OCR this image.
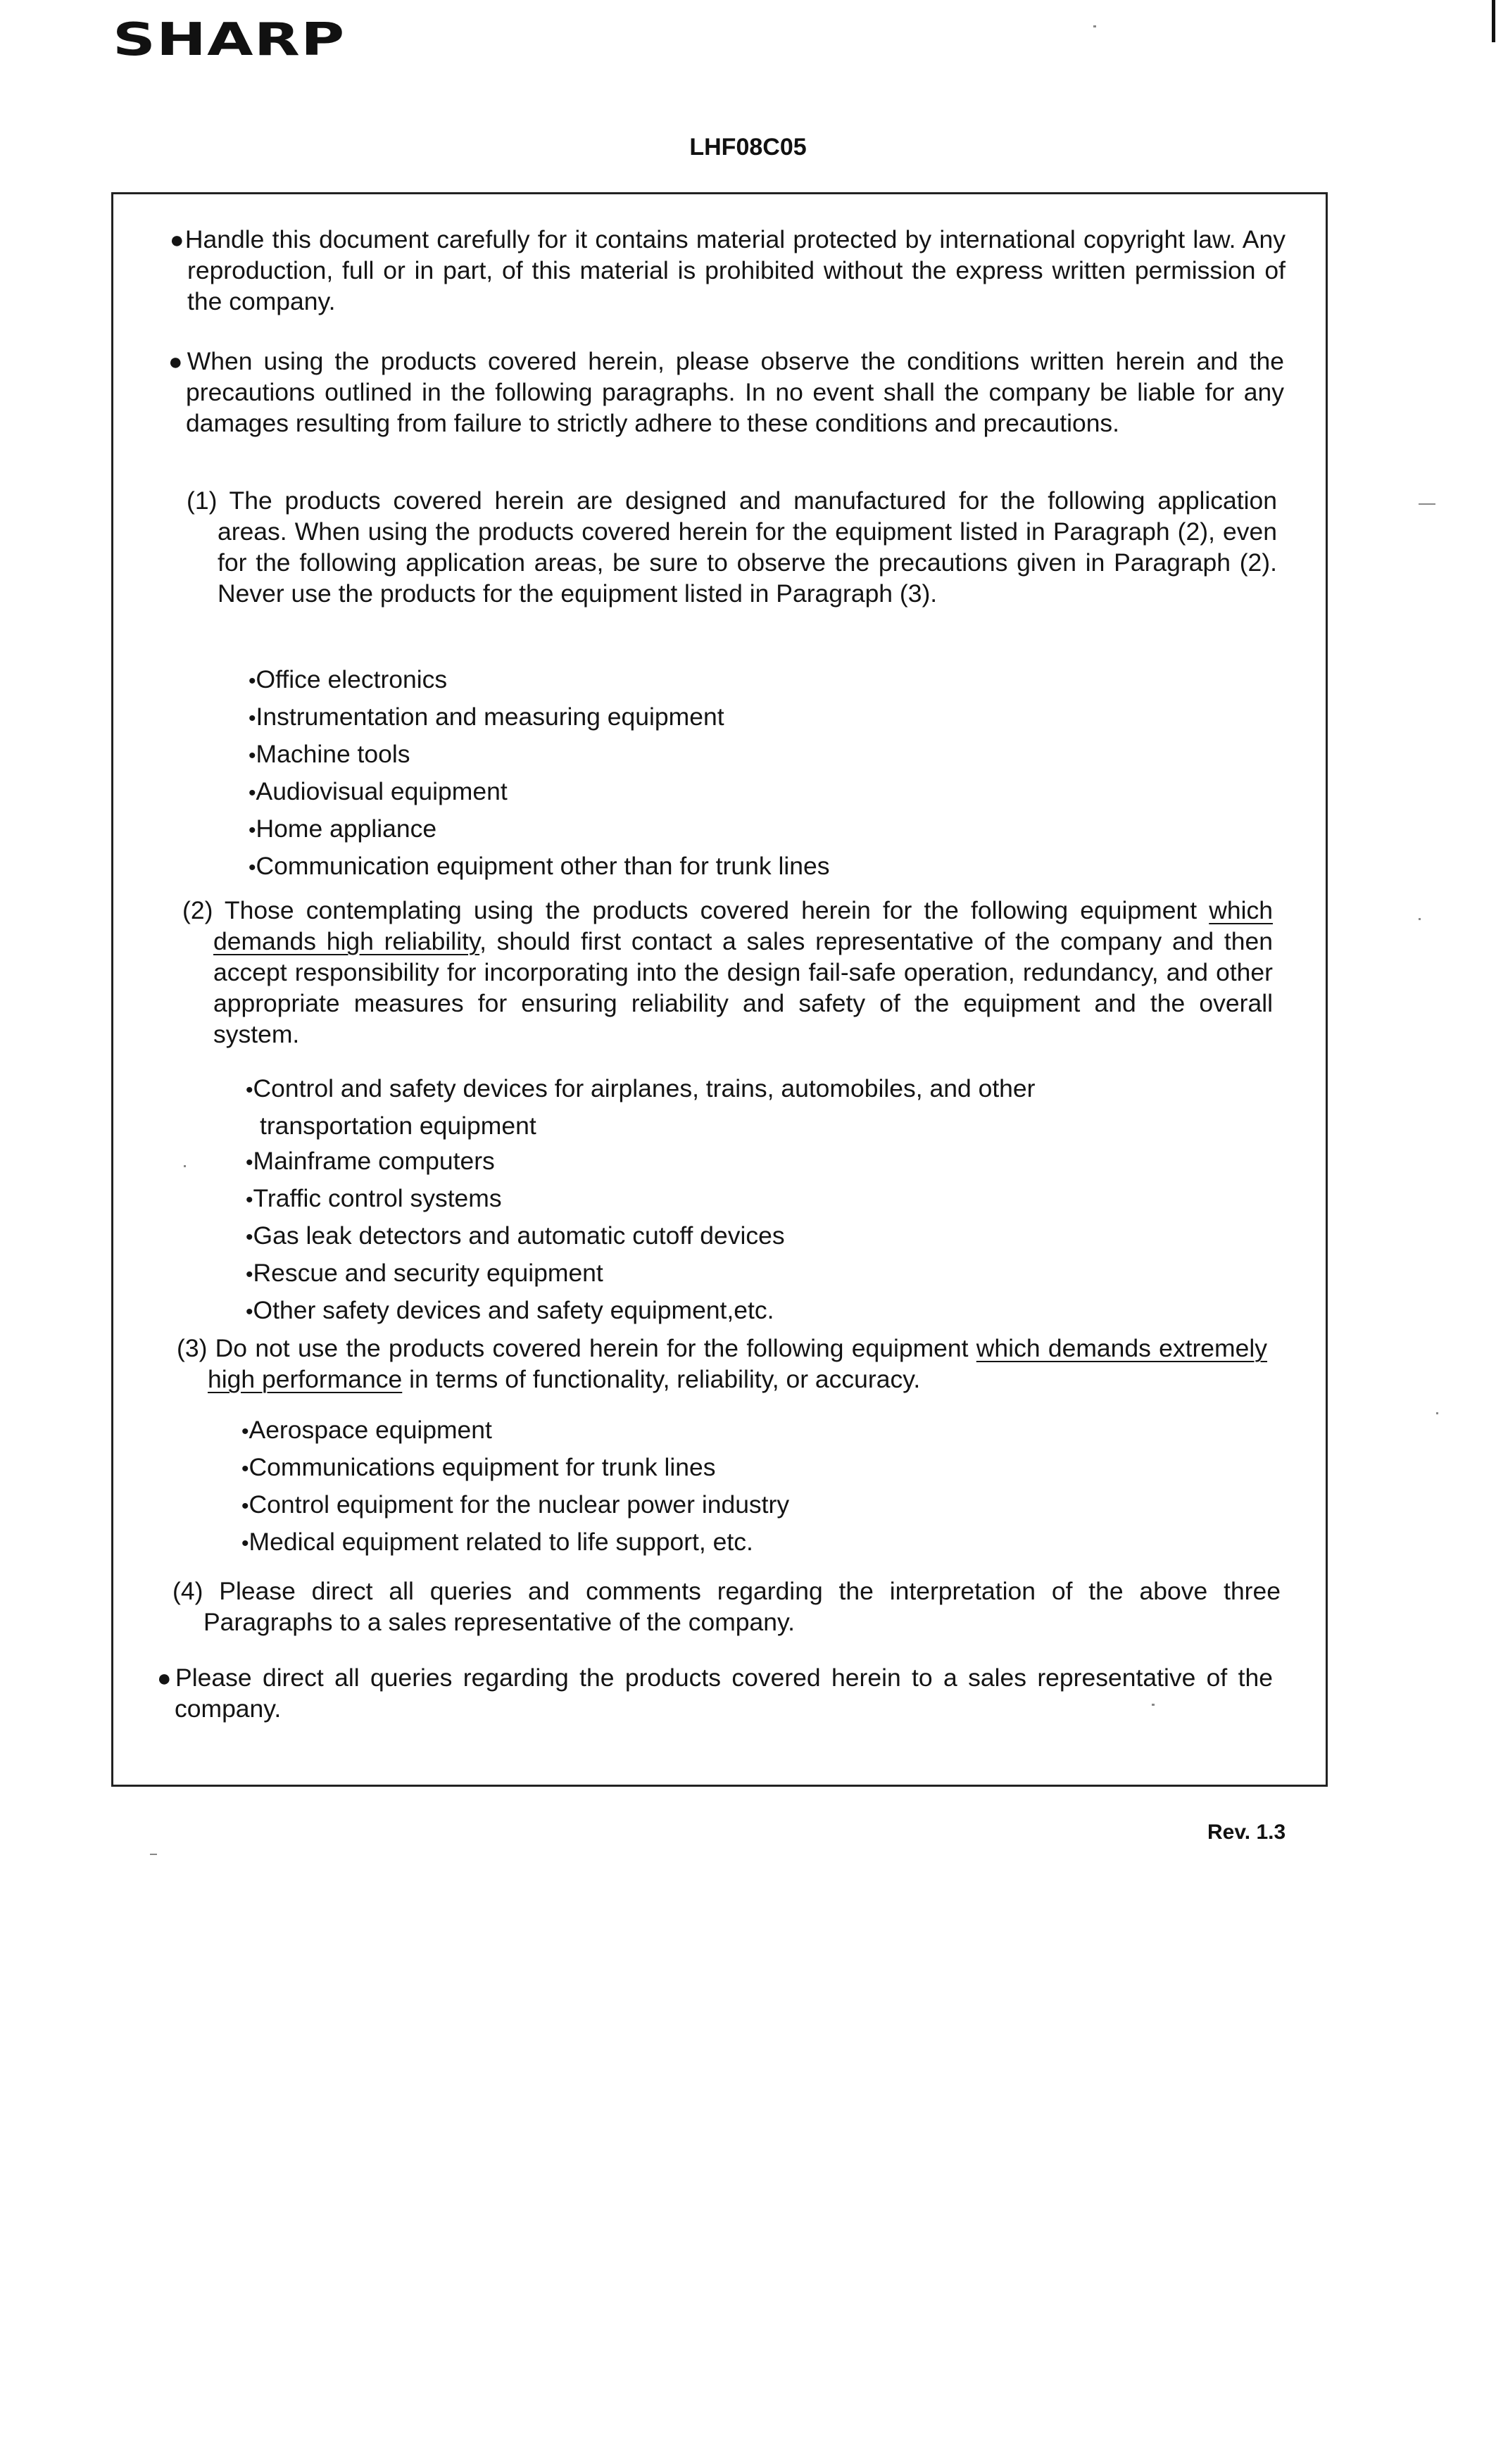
SHARP
LHF08C05

●Handle this document carefully for it contains material protected by international copyright law. Any reproduction, full or in part, of this material is prohibited without the express written permission of the company.

●When using the products covered herein, please observe the conditions written herein and the precautions outlined in the following paragraphs. In no event shall the company be liable for any damages resulting from failure to strictly adhere to these conditions and precautions.

(1) The products covered herein are designed and manufactured for the following application areas. When using the products covered herein for the equipment listed in Paragraph (2), even for the following application areas, be sure to observe the precautions given in Paragraph (2). Never use the products for the equipment listed in Paragraph (3).

• Office electronics
• Instrumentation and measuring equipment
• Machine tools
• Audiovisual equipment
• Home appliance
• Communication equipment other than for trunk lines

(2) Those contemplating using the products covered herein for the following equipment which demands high reliability, should first contact a sales representative of the company and then accept responsibility for incorporating into the design fail-safe operation, redundancy, and other appropriate measures for ensuring reliability and safety of the equipment and the overall system.

• Control and safety devices for airplanes, trains, automobiles, and other transportation equipment
• Mainframe computers
• Traffic control systems
• Gas leak detectors and automatic cutoff devices
• Rescue and security equipment
• Other safety devices and safety equipment,etc.

(3) Do not use the products covered herein for the following equipment which demands extremely high performance in terms of functionality, reliability, or accuracy.

• Aerospace equipment
• Communications equipment for trunk lines
• Control equipment for the nuclear power industry
• Medical equipment related to life support, etc.

(4) Please direct all queries and comments regarding the interpretation of the above three Paragraphs to a sales representative of the company.

●Please direct all queries regarding the products covered herein to a sales representative of the company.

Rev. 1.3
